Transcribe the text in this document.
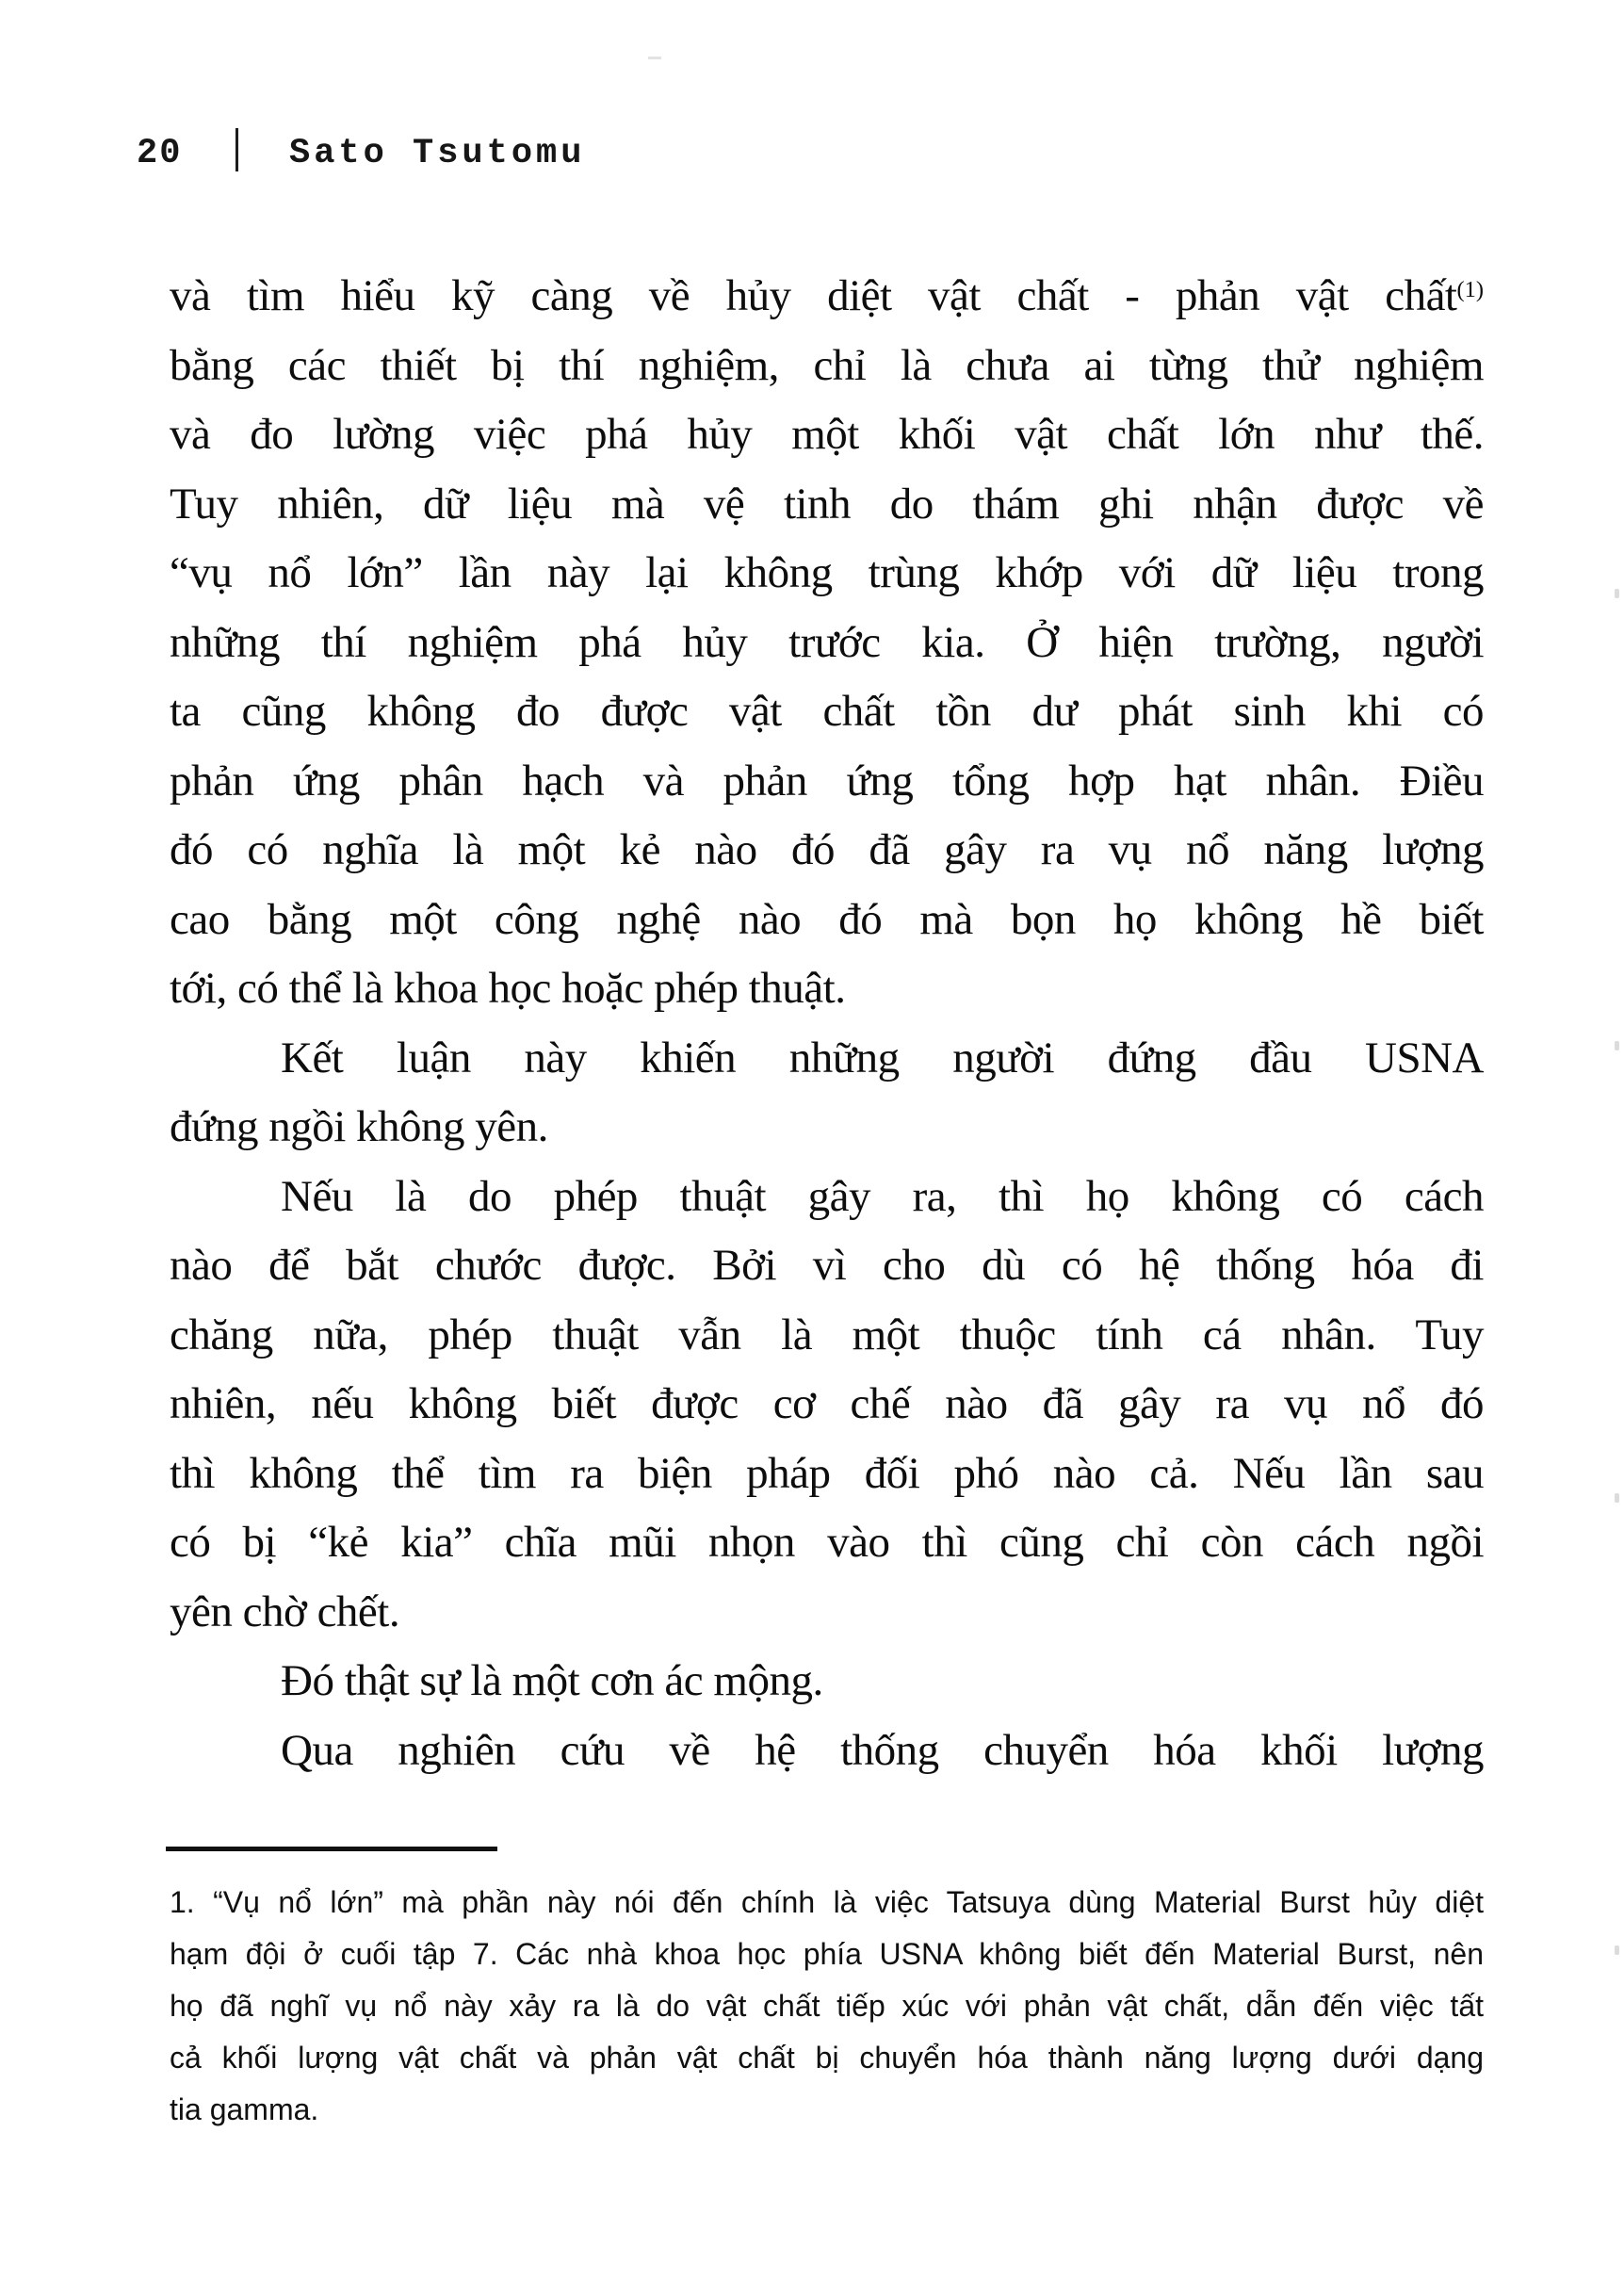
20	Sato Tsutomu
và tìm hiểu kỹ càng về hủy diệt vật chất - phản vật chất$^{(1)}$
bằng các thiết bị thí nghiệm, chỉ là chưa ai từng thử nghiệm
và đo lường việc phá hủy một khối vật chất lớn như thế.
Tuy nhiên, dữ liệu mà vệ tinh do thám ghi nhận được về
“vụ nổ lớn” lần này lại không trùng khớp với dữ liệu trong
những thí nghiệm phá hủy trước kia. Ở hiện trường, người
ta cũng không đo được vật chất tồn dư phát sinh khi có
phản ứng phân hạch và phản ứng tổng hợp hạt nhân. Điều
đó có nghĩa là một kẻ nào đó đã gây ra vụ nổ năng lượng
cao bằng một công nghệ nào đó mà bọn họ không hề biết
tới, có thể là khoa học hoặc phép thuật.
Kết luận này khiến những người đứng đầu USNA
đứng ngồi không yên.
Nếu là do phép thuật gây ra, thì họ không có cách
nào để bắt chước được. Bởi vì cho dù có hệ thống hóa đi
chăng nữa, phép thuật vẫn là một thuộc tính cá nhân. Tuy
nhiên, nếu không biết được cơ chế nào đã gây ra vụ nổ đó
thì không thể tìm ra biện pháp đối phó nào cả. Nếu lần sau
có bị “kẻ kia” chĩa mũi nhọn vào thì cũng chỉ còn cách ngồi
yên chờ chết.
Đó thật sự là một cơn ác mộng.
Qua nghiên cứu về hệ thống chuyển hóa khối lượng
1. “Vụ nổ lớn” mà phần này nói đến chính là việc Tatsuya dùng Material Burst hủy diệt
hạm đội ở cuối tập 7. Các nhà khoa học phía USNA không biết đến Material Burst, nên
họ đã nghĩ vụ nổ này xảy ra là do vật chất tiếp xúc với phản vật chất, dẫn đến việc tất
cả khối lượng vật chất và phản vật chất bị chuyển hóa thành năng lượng dưới dạng
tia gamma.
